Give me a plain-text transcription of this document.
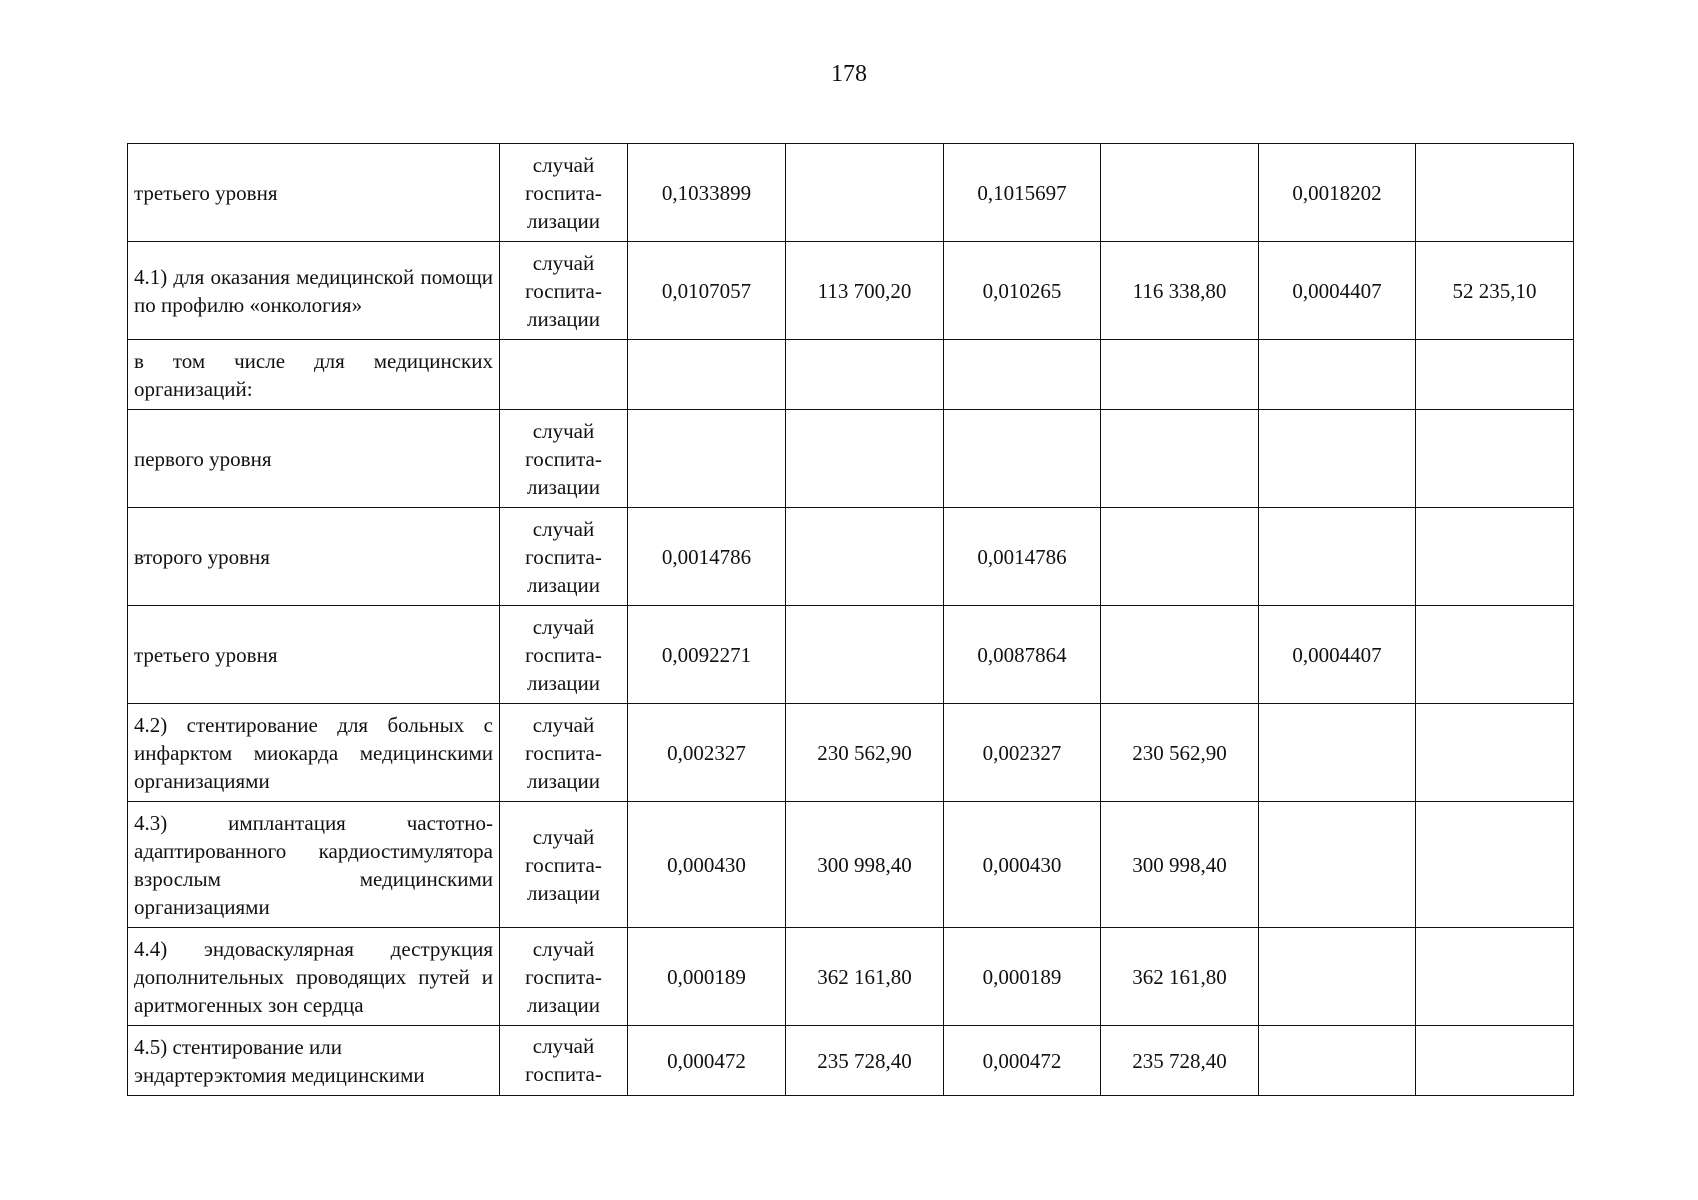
178
третьего уровня	случай
госпита-
лизации	0,1033899		0,1015697		0,0018202	
4.1) для оказания медицинской помощи по профилю «онкология»	случай
госпита-
лизации	0,0107057	113 700,20	0,010265	116 338,80	0,0004407	52 235,10
в том числе для медицинских организаций:							
первого уровня	случай
госпита-
лизации						

второго уровня	случай
госпита-
лизации	0,0014786		0,0014786			
третьего уровня	случай
госпита-
лизации	0,0092271		0,0087864		0,0004407	
4.2) стентирование для больных с инфарктом миокарда медицинскими организациями	случай
госпита-
лизации	0,002327	230 562,90	0,002327	230 562,90		
4.3) имплантация частотно-адаптированного кардиостимулятора взрослым медицинскими организациями	случай
госпита-
лизации	0,000430	300 998,40	0,000430	300 998,40		
4.4) эндоваскулярная деструкция дополнительных проводящих путей и аритмогенных зон сердца	случай
госпита-
лизации	0,000189	362 161,80	0,000189	362 161,80		
4.5) стентирование или эндартерэктомия медицинскими	случай
госпита-	0,000472	235 728,40	0,000472	235 728,40		
